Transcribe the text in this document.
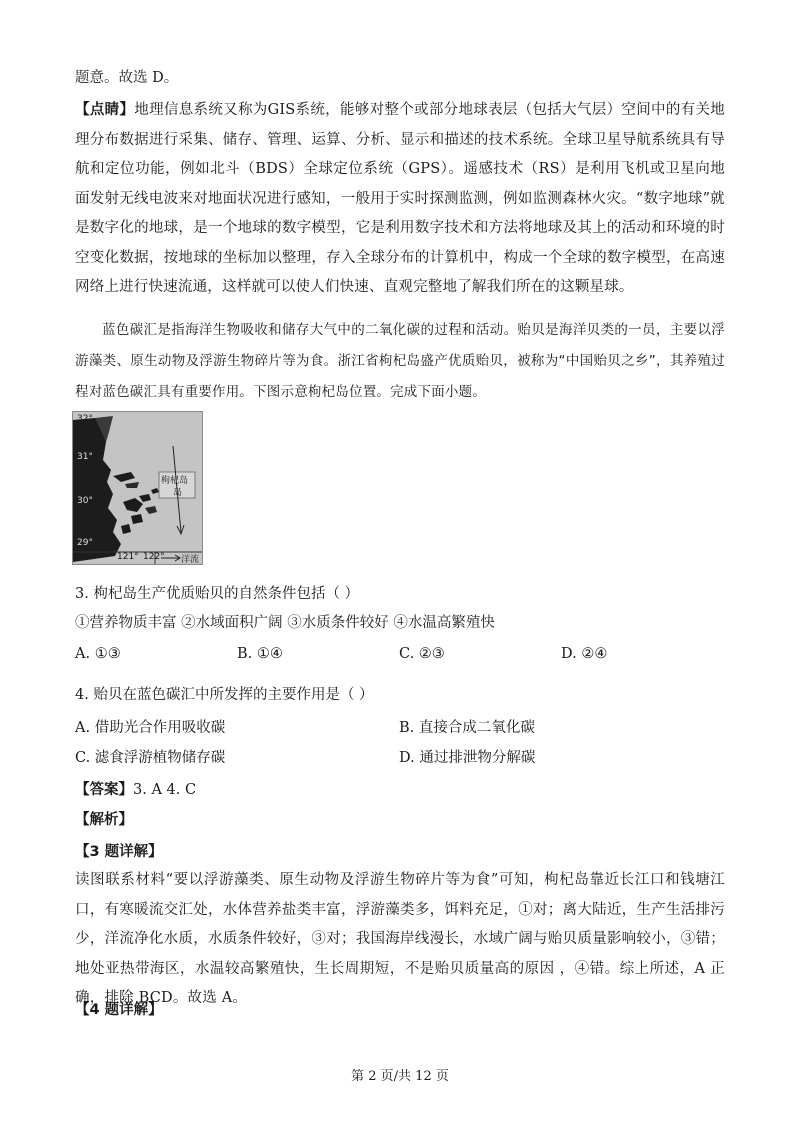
题意。故选 D。
【点睛】地理信息系统又称为GIS系统，能够对整个或部分地球表层（包括大气层）空间中的有关地理分布数据进行采集、储存、管理、运算、分析、显示和描述的技术系统。全球卫星导航系统具有导航和定位功能，例如北斗（BDS）全球定位系统（GPS）。遥感技术（RS）是利用飞机或卫星向地面发射无线电波来对地面状况进行感知，一般用于实时探测监测，例如监测森林火灾。“数字地球”就是数字化的地球，是一个地球的数字模型，它是利用数字技术和方法将地球及其上的活动和环境的时空变化数据，按地球的坐标加以整理，存入全球分布的计算机中，构成一个全球的数字模型，在高速网络上进行快速流通，这样就可以使人们快速、直观完整地了解我们所在的这颗星球。
蓝色碳汇是指海洋生物吸收和储存大气中的二氧化碳的过程和活动。贻贝是海洋贝类的一员，主要以浮游藻类、原生动物及浮游生物碎片等为食。浙江省枸杞岛盛产优质贻贝，被称为“中国贻贝之乡”，其养殖过程对蓝色碳汇具有重要作用。下图示意枸杞岛位置。完成下面小题。
32°
31°
30°
29°
121° 122°
枸杞岛
岛
洋流
3. 枸杞岛生产优质贻贝的自然条件包括（ ）
①营养物质丰富 ②水域面积广阔 ③水质条件较好 ④水温高繁殖快
A. ①③	B. ①④	C. ②③	D. ②④
4. 贻贝在蓝色碳汇中所发挥的主要作用是（ ）
A. 借助光合作用吸收碳	B. 直接合成二氧化碳
C. 滤食浮游植物储存碳	D. 通过排泄物分解碳
【答案】3. A 4. C
【解析】
【3 题详解】
读图联系材料“要以浮游藻类、原生动物及浮游生物碎片等为食”可知，枸杞岛靠近长江口和钱塘江口，有寒暖流交汇处，水体营养盐类丰富，浮游藻类多，饵料充足，①对；离大陆近，生产生活排污少，洋流净化水质，水质条件较好，③对；我国海岸线漫长，水域广阔与贻贝质量影响较小，③错；地处亚热带海区，水温较高繁殖快，生长周期短，不是贻贝质量高的原因 ，④错。综上所述，A 正确，排除 BCD。故选 A。
【4 题详解】
第 2 页/共 12 页
